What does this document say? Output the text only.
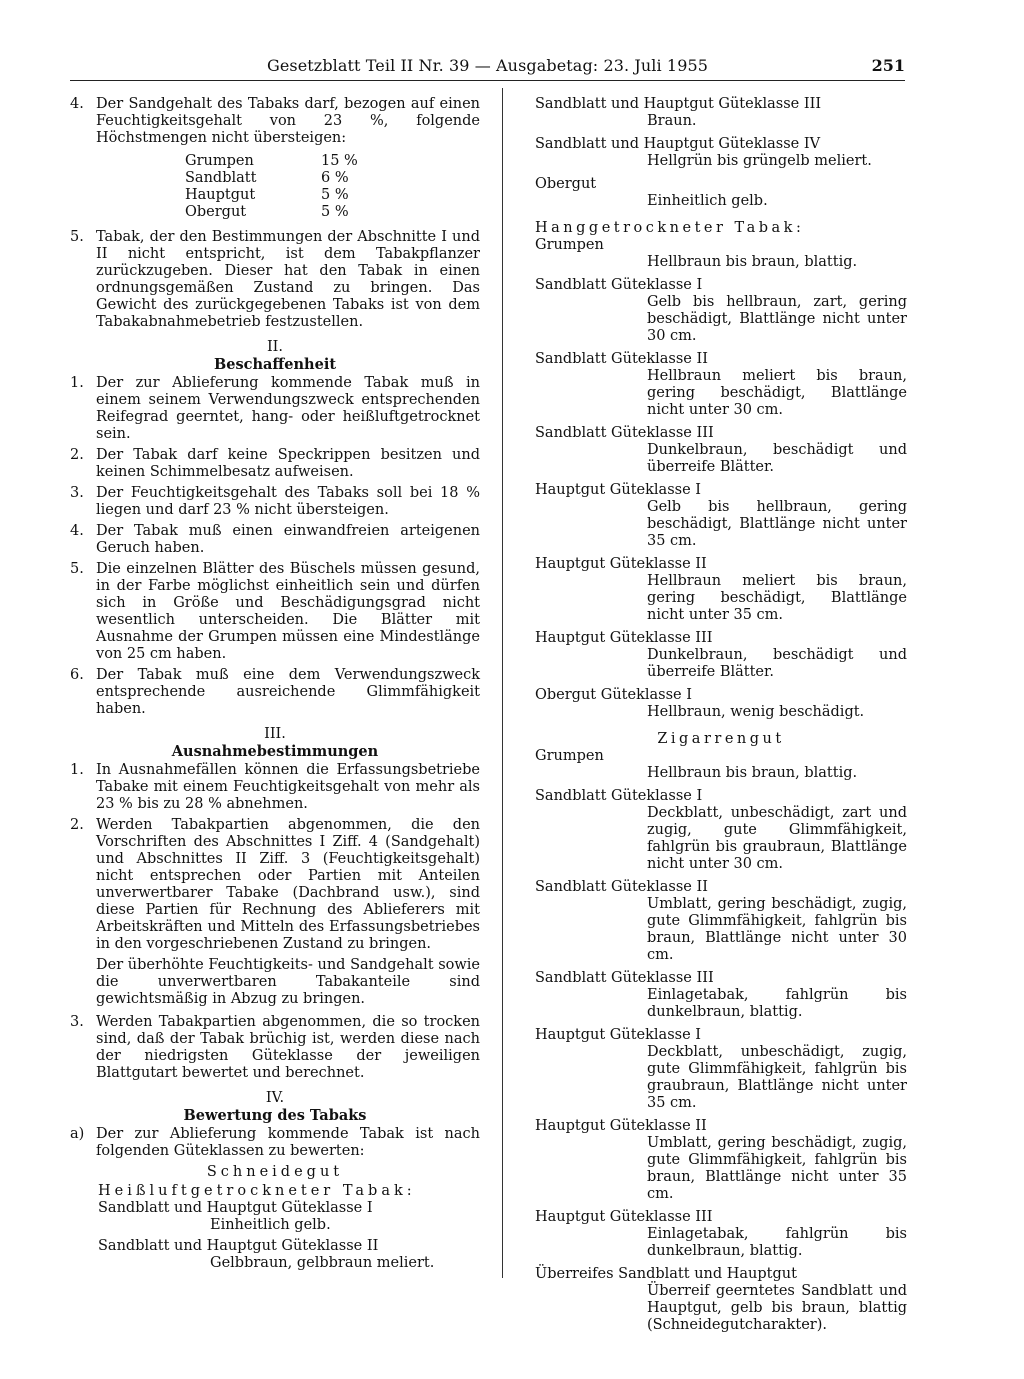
Gesetzblatt Teil II Nr. 39 — Ausgabetag: 23. Juli 1955	251
4. Der Sandgehalt des Tabaks darf, bezogen auf einen Feuchtigkeitsgehalt von 23 %, folgende Höchstmengen nicht übersteigen:
Grumpen	15 %
Sandblatt	6 %
Hauptgut	5 %
Obergut	5 %
5. Tabak, der den Bestimmungen der Abschnitte I und II nicht entspricht, ist dem Tabakpflanzer zurückzugeben. Dieser hat den Tabak in einen ordnungsgemäßen Zustand zu bringen. Das Gewicht des zurückgegebenen Tabaks ist von dem Tabakabnahmebetrieb festzustellen.
II.
Beschaffenheit
1. Der zur Ablieferung kommende Tabak muß in einem seinem Verwendungszweck entsprechenden Reifegrad geerntet, hang- oder heißluftgetrocknet sein.
2. Der Tabak darf keine Speckrippen besitzen und keinen Schimmelbesatz aufweisen.
3. Der Feuchtigkeitsgehalt des Tabaks soll bei 18 % liegen und darf 23 % nicht übersteigen.
4. Der Tabak muß einen einwandfreien arteigenen Geruch haben.
5. Die einzelnen Blätter des Büschels müssen gesund, in der Farbe möglichst einheitlich sein und dürfen sich in Größe und Beschädigungsgrad nicht wesentlich unterscheiden. Die Blätter mit Ausnahme der Grumpen müssen eine Mindestlänge von 25 cm haben.
6. Der Tabak muß eine dem Verwendungszweck entsprechende ausreichende Glimmfähigkeit haben.
III.
Ausnahmebestimmungen
1. In Ausnahmefällen können die Erfassungsbetriebe Tabake mit einem Feuchtigkeitsgehalt von mehr als 23 % bis zu 28 % abnehmen.
2. Werden Tabakpartien abgenommen, die den Vorschriften des Abschnittes I Ziff. 4 (Sandgehalt) und Abschnittes II Ziff. 3 (Feuchtigkeitsgehalt) nicht entsprechen oder Partien mit Anteilen unverwertbarer Tabake (Dachbrand usw.), sind diese Partien für Rechnung des Ablieferers mit Arbeitskräften und Mitteln des Erfassungsbetriebes in den vorgeschriebenen Zustand zu bringen.
Der überhöhte Feuchtigkeits- und Sandgehalt sowie die unverwertbaren Tabakanteile sind gewichtsmäßig in Abzug zu bringen.
3. Werden Tabakpartien abgenommen, die so trocken sind, daß der Tabak brüchig ist, werden diese nach der niedrigsten Güteklasse der jeweiligen Blattgutart bewertet und berechnet.
IV.
Bewertung des Tabaks
a) Der zur Ablieferung kommende Tabak ist nach folgenden Güteklassen zu bewerten:
Schneidegut
Heißluftgetrockneter Tabak:
Sandblatt und Hauptgut Güteklasse I
Einheitlich gelb.
Sandblatt und Hauptgut Güteklasse II
Gelbbraun, gelbbraun meliert.
Sandblatt und Hauptgut Güteklasse III
Braun.
Sandblatt und Hauptgut Güteklasse IV
Hellgrün bis grüngelb meliert.
Obergut
Einheitlich gelb.
Hanggetrockneter Tabak:
Grumpen
Hellbraun bis braun, blattig.
Sandblatt Güteklasse I
Gelb bis hellbraun, zart, gering beschädigt, Blattlänge nicht unter 30 cm.
Sandblatt Güteklasse II
Hellbraun meliert bis braun, gering beschädigt, Blattlänge nicht unter 30 cm.
Sandblatt Güteklasse III
Dunkelbraun, beschädigt und überreife Blätter.
Hauptgut Güteklasse I
Gelb bis hellbraun, gering beschädigt, Blattlänge nicht unter 35 cm.
Hauptgut Güteklasse II
Hellbraun meliert bis braun, gering beschädigt, Blattlänge nicht unter 35 cm.
Hauptgut Güteklasse III
Dunkelbraun, beschädigt und überreife Blätter.
Obergut Güteklasse I
Hellbraun, wenig beschädigt.
Zigarrengut
Grumpen
Hellbraun bis braun, blattig.
Sandblatt Güteklasse I
Deckblatt, unbeschädigt, zart und zugig, gute Glimmfähigkeit, fahlgrün bis graubraun, Blattlänge nicht unter 30 cm.
Sandblatt Güteklasse II
Umblatt, gering beschädigt, zugig, gute Glimmfähigkeit, fahlgrün bis braun, Blattlänge nicht unter 30 cm.
Sandblatt Güteklasse III
Einlagetabak, fahlgrün bis dunkelbraun, blattig.
Hauptgut Güteklasse I
Deckblatt, unbeschädigt, zugig, gute Glimmfähigkeit, fahlgrün bis graubraun, Blattlänge nicht unter 35 cm.
Hauptgut Güteklasse II
Umblatt, gering beschädigt, zugig, gute Glimmfähigkeit, fahlgrün bis braun, Blattlänge nicht unter 35 cm.
Hauptgut Güteklasse III
Einlagetabak, fahlgrün bis dunkelbraun, blattig.
Überreifes Sandblatt und Hauptgut
Überreif geerntetes Sandblatt und Hauptgut, gelb bis braun, blattig (Schneidegutcharakter).
